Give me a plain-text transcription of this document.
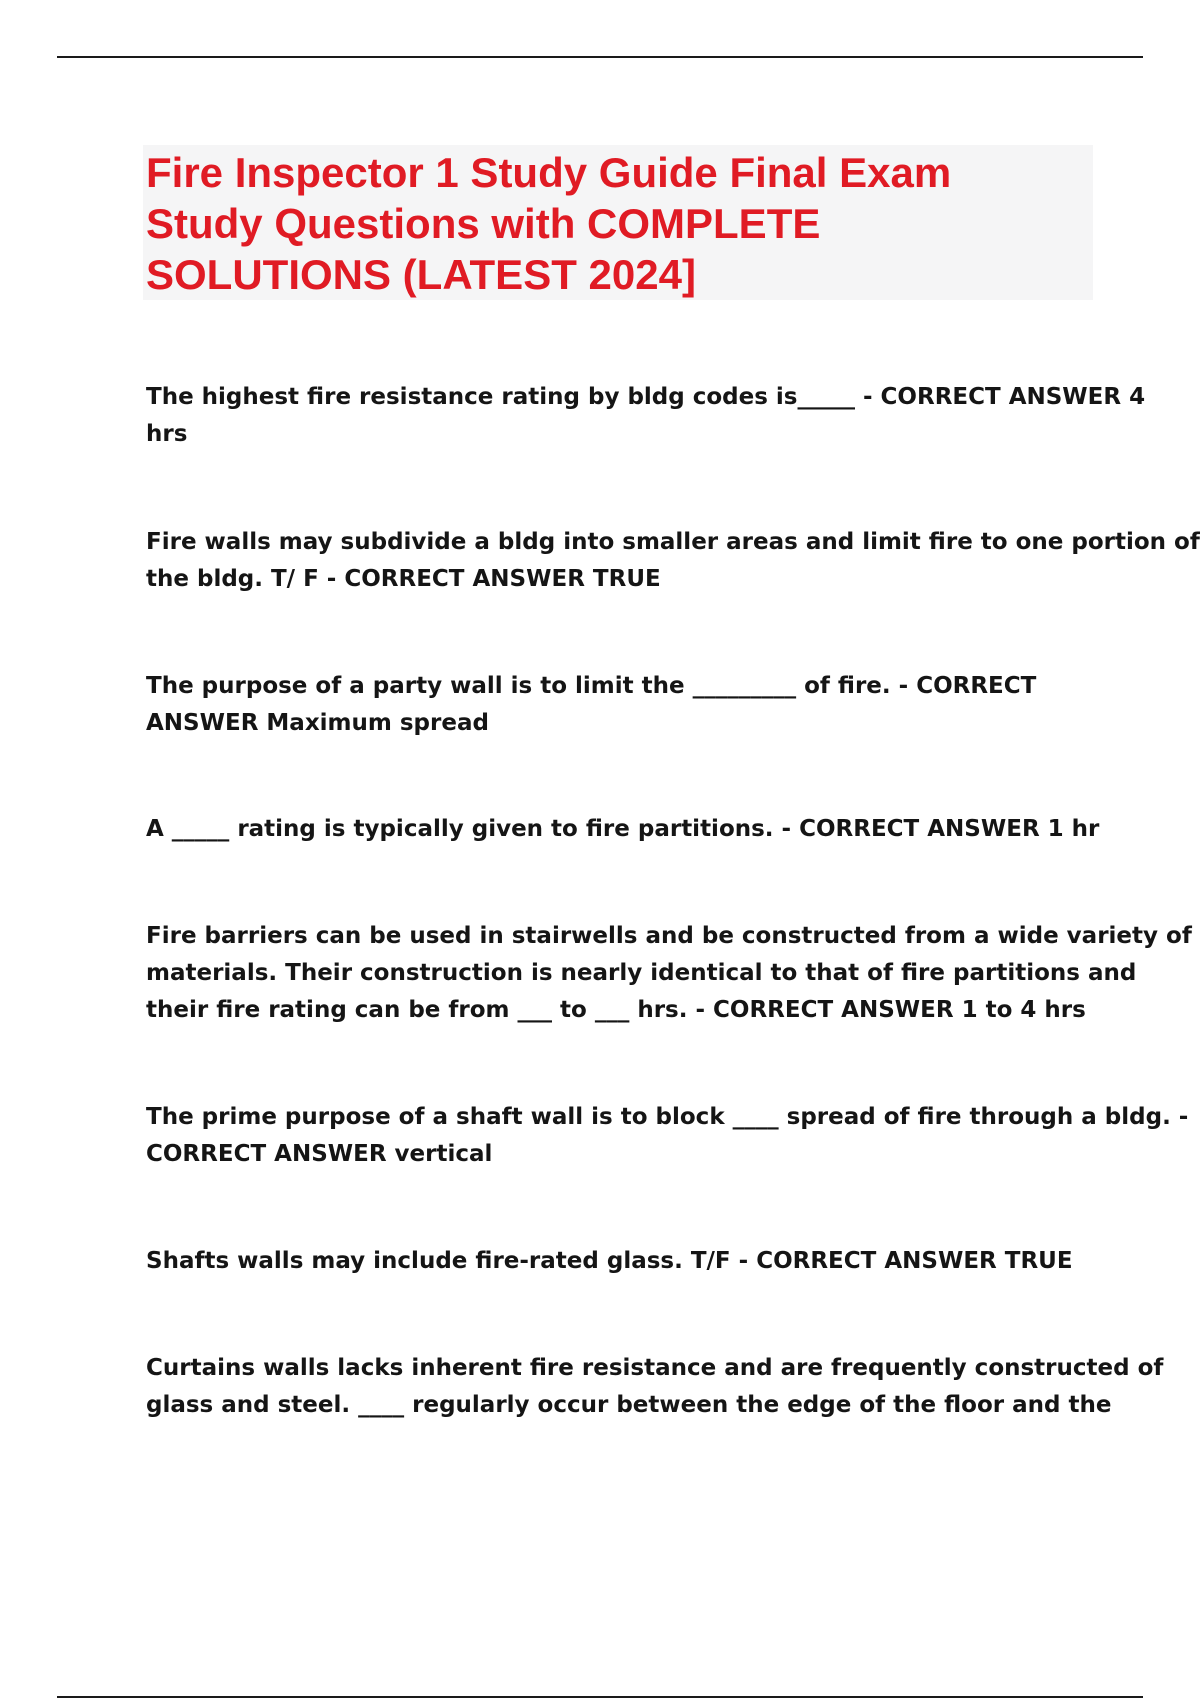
Fire Inspector 1 Study Guide Final Exam
Study Questions with COMPLETE
SOLUTIONS (LATEST 2024]

The highest fire resistance rating by bldg codes is_____ - CORRECT ANSWER 4
hrs

Fire walls may subdivide a bldg into smaller areas and limit fire to one portion of
the bldg. T/ F - CORRECT ANSWER TRUE

The purpose of a party wall is to limit the _________ of fire. - CORRECT
ANSWER Maximum spread

A _____ rating is typically given to fire partitions. - CORRECT ANSWER 1 hr

Fire barriers can be used in stairwells and be constructed from a wide variety of
materials. Their construction is nearly identical to that of fire partitions and
their fire rating can be from ___ to ___ hrs. - CORRECT ANSWER 1 to 4 hrs

The prime purpose of a shaft wall is to block ____ spread of fire through a bldg. -
CORRECT ANSWER vertical

Shafts walls may include fire-rated glass. T/F - CORRECT ANSWER TRUE

Curtains walls lacks inherent fire resistance and are frequently constructed of
glass and steel. ____ regularly occur between the edge of the floor and the
